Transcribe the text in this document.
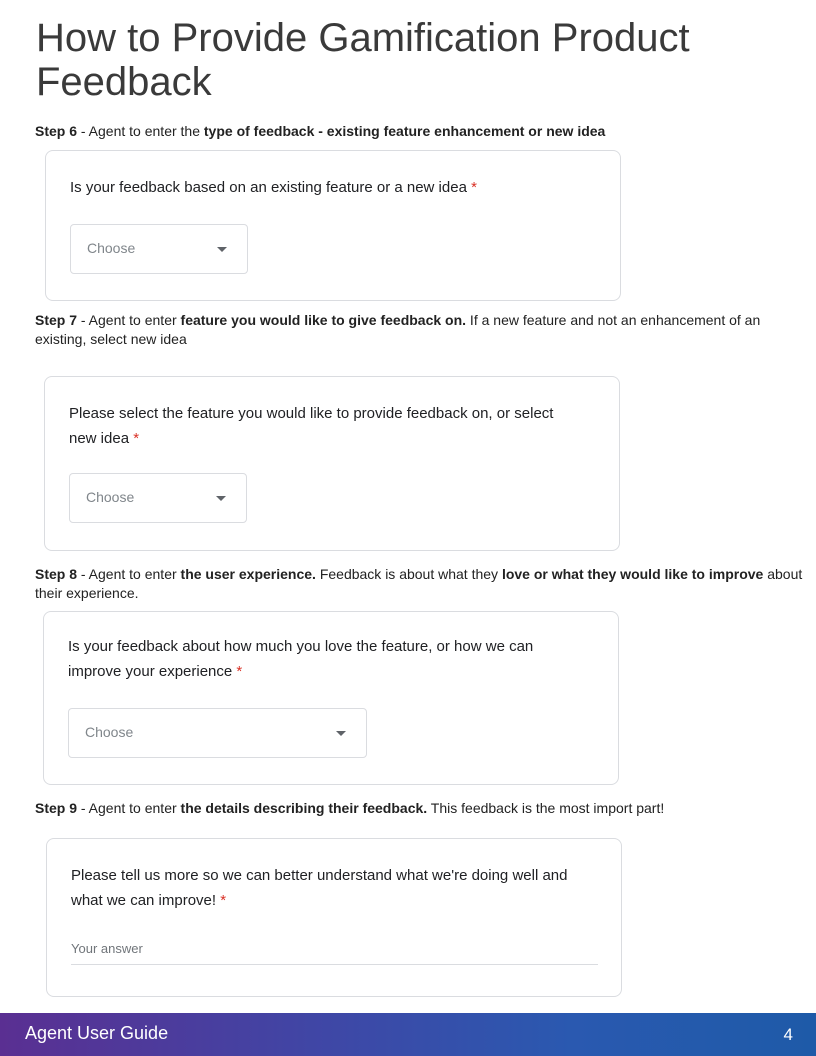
How to Provide Gamification Product Feedback
Step 6 - Agent to enter the type of feedback - existing feature enhancement or new idea
Is your feedback based on an existing feature or a new idea *
Choose
Step 7 - Agent to enter feature you would like to give feedback on. If a new feature and not an enhancement of an existing, select new idea
Please select the feature you would like to provide feedback on, or select new idea *
Choose
Step 8 - Agent to enter the user experience. Feedback is about what they love or what they would like to improve about their experience.
Is your feedback about how much you love the feature, or how we can improve your experience *
Choose
Step 9 - Agent to enter the details describing their feedback. This feedback is the most import part!
Please tell us more so we can better understand what we're doing well and what we can improve! *
Your answer
Agent User Guide	4
